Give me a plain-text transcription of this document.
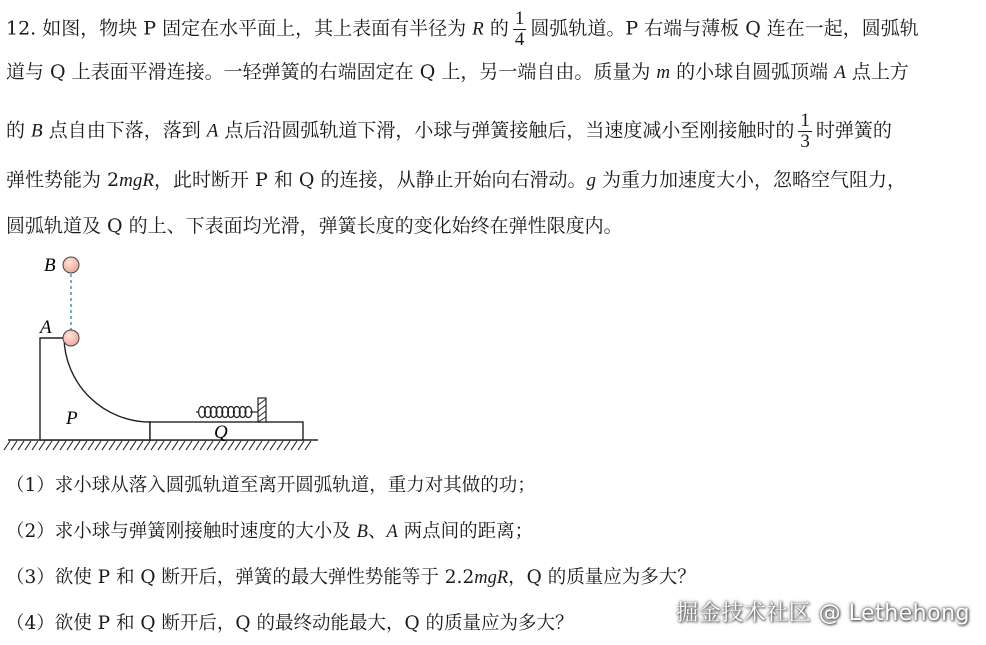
12. 如图，物块 P 固定在水平面上，其上表面有半径为 R 的 $\frac{1}{4}$ 圆弧轨道。P 右端与薄板 Q 连在一起，圆弧轨
道与 Q 上表面平滑连接。一轻弹簧的右端固定在 Q 上，另一端自由。质量为 m 的小球自圆弧顶端 A 点上方
的 B 点自由下落，落到 A 点后沿圆弧轨道下滑，小球与弹簧接触后，当速度减小至刚接触时的 $\frac{1}{3}$ 时弹簧的
弹性势能为 2mgR，此时断开 P 和 Q 的连接，从静止开始向右滑动。g 为重力加速度大小，忽略空气阻力，
圆弧轨道及 Q 的上、下表面均光滑，弹簧长度的变化始终在弹性限度内。
B
A
P
Q
（1）求小球从落入圆弧轨道至离开圆弧轨道，重力对其做的功；
（2）求小球与弹簧刚接触时速度的大小及 B、A 两点间的距离；
（3）欲使 P 和 Q 断开后，弹簧的最大弹性势能等于 2.2mgR，Q 的质量应为多大？
（4）欲使 P 和 Q 断开后，Q 的最终动能最大，Q 的质量应为多大？	掘金技术社区 @ Lethehong
